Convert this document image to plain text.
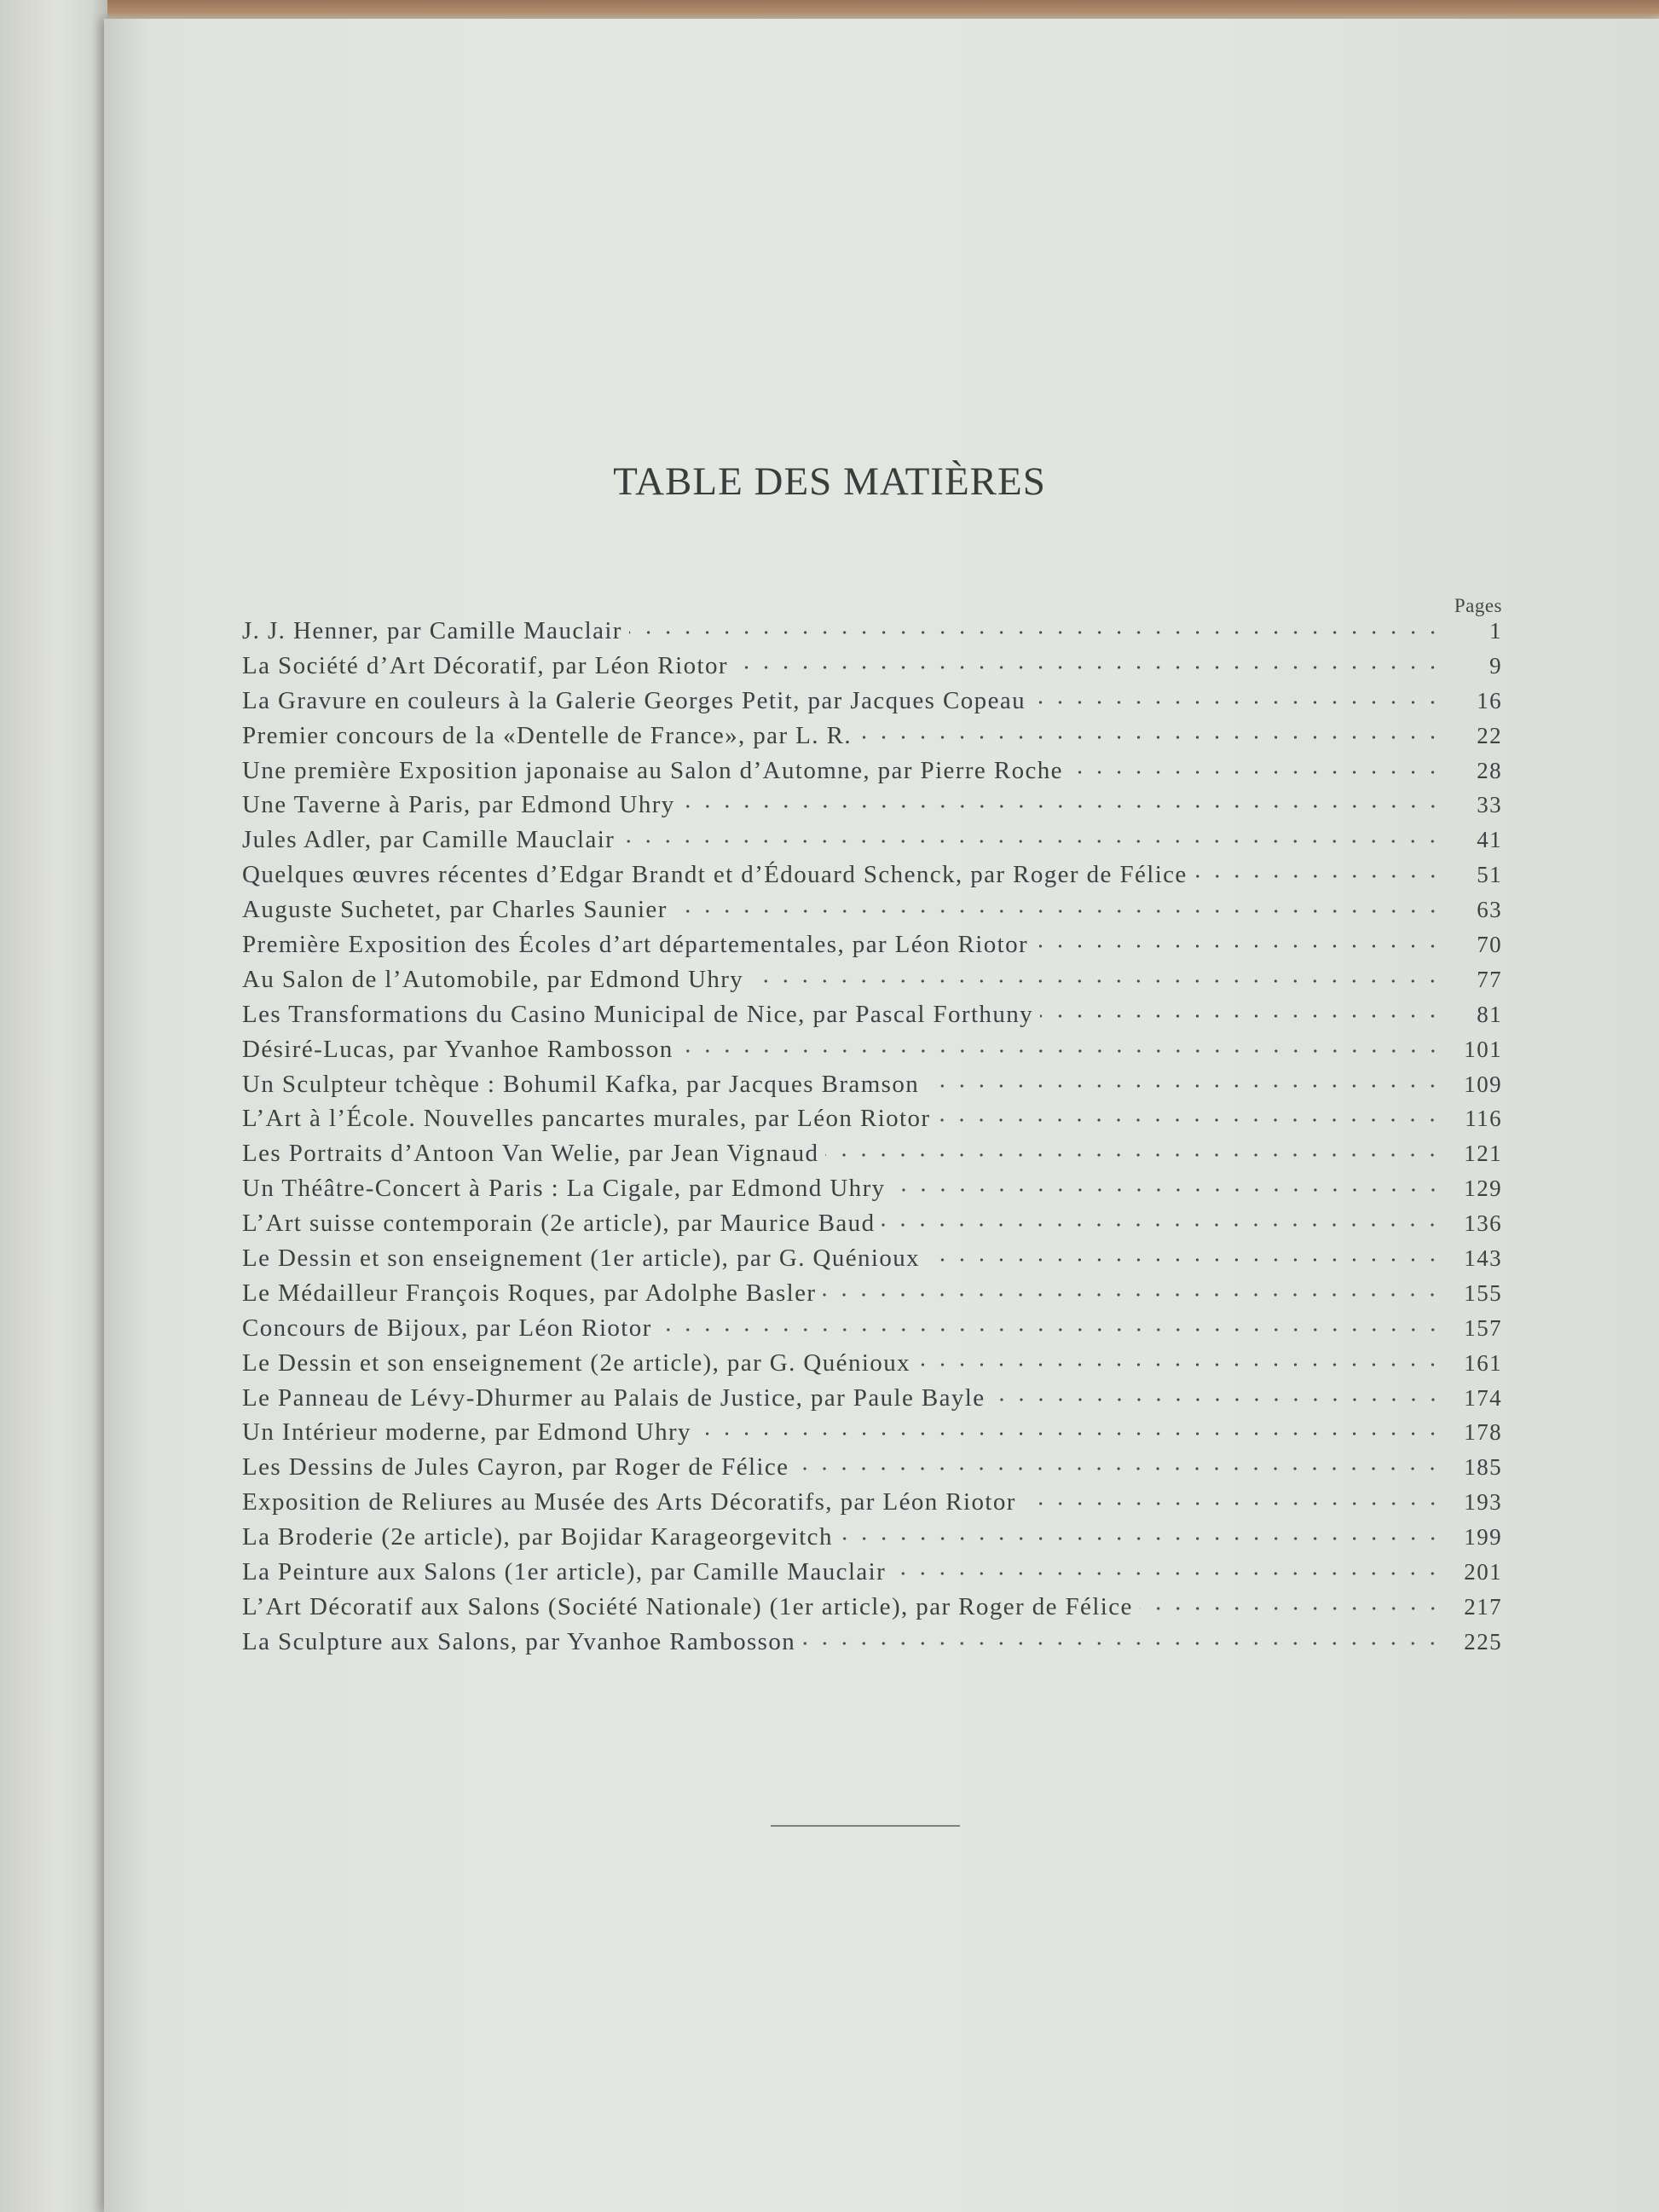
TABLE DES MATIÈRES
Pages
J. J. Henner, par Camille Mauclair	1
La Société d’Art Décoratif, par Léon Riotor	9
La Gravure en couleurs à la Galerie Georges Petit, par Jacques Copeau	16
Premier concours de la «Dentelle de France», par L. R.	22
Une première Exposition japonaise au Salon d’Automne, par Pierre Roche	28
Une Taverne à Paris, par Edmond Uhry	33
Jules Adler, par Camille Mauclair	41
Quelques œuvres récentes d’Edgar Brandt et d’Édouard Schenck, par Roger de Félice	51
Auguste Suchetet, par Charles Saunier	63
Première Exposition des Écoles d’art départementales, par Léon Riotor	70
Au Salon de l’Automobile, par Edmond Uhry	77
Les Transformations du Casino Municipal de Nice, par Pascal Forthuny	81
Désiré-Lucas, par Yvanhoe Rambosson	101
Un Sculpteur tchèque : Bohumil Kafka, par Jacques Bramson	109
L’Art à l’École. Nouvelles pancartes murales, par Léon Riotor	116
Les Portraits d’Antoon Van Welie, par Jean Vignaud	121
Un Théâtre-Concert à Paris : La Cigale, par Edmond Uhry	129
L’Art suisse contemporain (2e article), par Maurice Baud	136
Le Dessin et son enseignement (1er article), par G. Quénioux	143
Le Médailleur François Roques, par Adolphe Basler	155
Concours de Bijoux, par Léon Riotor	157
Le Dessin et son enseignement (2e article), par G. Quénioux	161
Le Panneau de Lévy-Dhurmer au Palais de Justice, par Paule Bayle	174
Un Intérieur moderne, par Edmond Uhry	178
Les Dessins de Jules Cayron, par Roger de Félice	185
Exposition de Reliures au Musée des Arts Décoratifs, par Léon Riotor	193
La Broderie (2e article), par Bojidar Karageorgevitch	199
La Peinture aux Salons (1er article), par Camille Mauclair	201
L’Art Décoratif aux Salons (Société Nationale) (1er article), par Roger de Félice	217
La Sculpture aux Salons, par Yvanhoe Rambosson	225
